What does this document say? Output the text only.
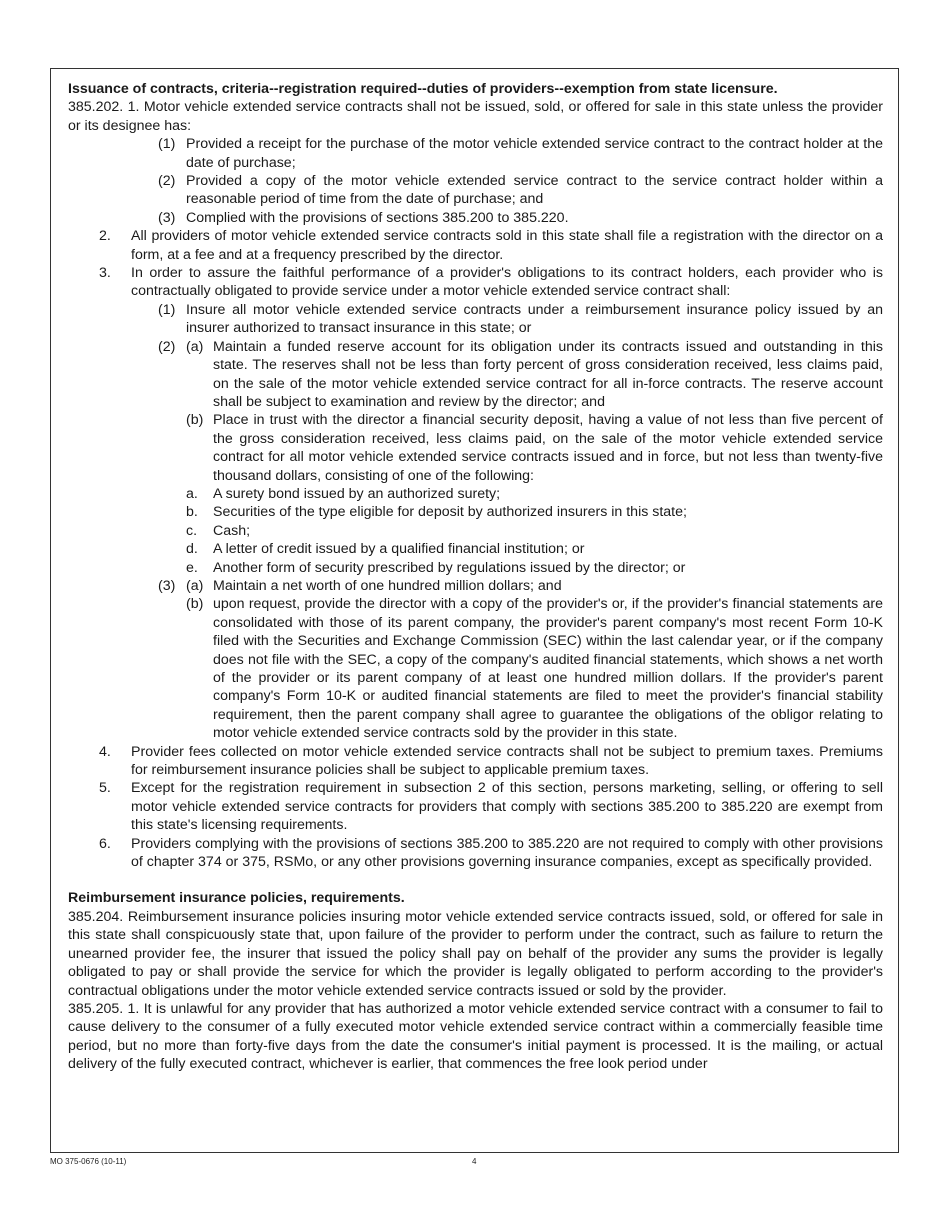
Issuance of contracts, criteria--registration required--duties of providers--exemption from state licensure.

385.202. 1. Motor vehicle extended service contracts shall not be issued, sold, or offered for sale in this state unless the provider or its designee has:

(1) Provided a receipt for the purchase of the motor vehicle extended service contract to the contract holder at the date of purchase;
(2) Provided a copy of the motor vehicle extended service contract to the service contract holder within a reasonable period of time from the date of purchase; and
(3) Complied with the provisions of sections 385.200 to 385.220.
2.	All providers of motor vehicle extended service contracts sold in this state shall file a registration with the director on a form, at a fee and at a frequency prescribed by the director.
3.	In order to assure the faithful performance of a provider's obligations to its contract holders, each provider who is contractually obligated to provide service under a motor vehicle extended service contract shall:
(1) Insure all motor vehicle extended service contracts under a reimbursement insurance policy issued by an insurer authorized to transact insurance in this state; or
(2) (a) Maintain a funded reserve account for its obligation under its contracts issued and outstanding in this state. The reserves shall not be less than forty percent of gross consideration received, less claims paid, on the sale of the motor vehicle extended service contract for all in-force contracts. The reserve account shall be subject to examination and review by the director; and
(b) Place in trust with the director a financial security deposit, having a value of not less than five percent of the gross consideration received, less claims paid, on the sale of the motor vehicle extended service contract for all motor vehicle extended service contracts issued and in force, but not less than twenty-five thousand dollars, consisting of one of the following:
a.	A surety bond issued by an authorized surety;
b.	Securities of the type eligible for deposit by authorized insurers in this state;
c.	Cash;
d.	A letter of credit issued by a qualified financial institution; or
e.	Another form of security prescribed by regulations issued by the director; or
(3) (a) Maintain a net worth of one hundred million dollars; and
(b) upon request, provide the director with a copy of the provider's or, if the provider's financial statements are consolidated with those of its parent company, the provider's parent company's most recent Form 10-K filed with the Securities and Exchange Commission (SEC) within the last calendar year, or if the company does not file with the SEC, a copy of the company's audited financial statements, which shows a net worth of the provider or its parent company of at least one hundred million dollars. If the provider's parent company's Form 10-K or audited financial statements are filed to meet the provider's financial stability requirement, then the parent company shall agree to guarantee the obligations of the obligor relating to motor vehicle extended service contracts sold by the provider in this state.
4.	Provider fees collected on motor vehicle extended service contracts shall not be subject to premium taxes. Premiums for reimbursement insurance policies shall be subject to applicable premium taxes.
5.	Except for the registration requirement in subsection 2 of this section, persons marketing, selling, or offering to sell motor vehicle extended service contracts for providers that comply with sections 385.200 to 385.220 are exempt from this state's licensing requirements.
6.	Providers complying with the provisions of sections 385.200 to 385.220 are not required to comply with other provisions of chapter 374 or 375, RSMo, or any other provisions governing insurance companies, except as specifically provided.

Reimbursement insurance policies, requirements.

385.204. Reimbursement insurance policies insuring motor vehicle extended service contracts issued, sold, or offered for sale in this state shall conspicuously state that, upon failure of the provider to perform under the contract, such as failure to return the unearned provider fee, the insurer that issued the policy shall pay on behalf of the provider any sums the provider is legally obligated to pay or shall provide the service for which the provider is legally obligated to perform according to the provider's contractual obligations under the motor vehicle extended service contracts issued or sold by the provider.

385.205. 1. It is unlawful for any provider that has authorized a motor vehicle extended service contract with a consumer to fail to cause delivery to the consumer of a fully executed motor vehicle extended service contract within a commercially feasible time period, but no more than forty-five days from the date the consumer's initial payment is processed. It is the mailing, or actual delivery of the fully executed contract, whichever is earlier, that commences the free look period under

MO 375-0676 (10-11)	4
